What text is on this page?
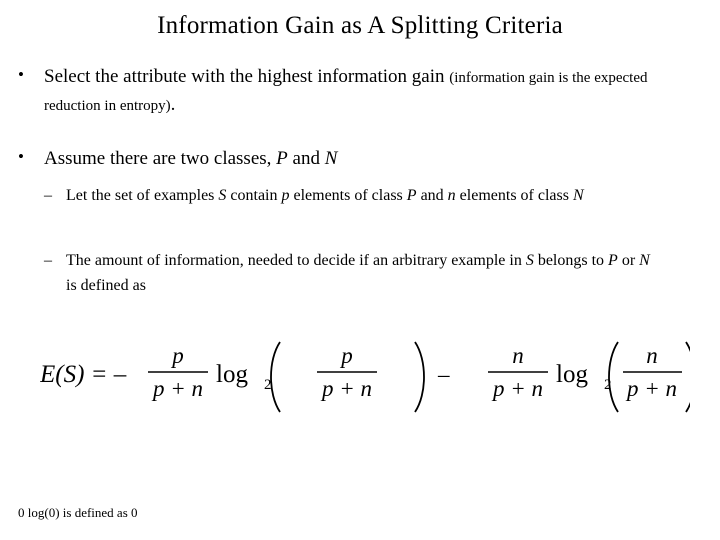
Information Gain as A Splitting Criteria
• Select the attribute with the highest information gain (information gain is the expected reduction in entropy).
• Assume there are two classes, P and N
– Let the set of examples S contain p elements of class P and n elements of class N
– The amount of information, needed to decide if an arbitrary example in S belongs to P or N is defined as
E(S) = –
p
p + n
log 2
p
p + n
–
n
p + n
log 2
n
p + n
0 log(0) is defined as 0
